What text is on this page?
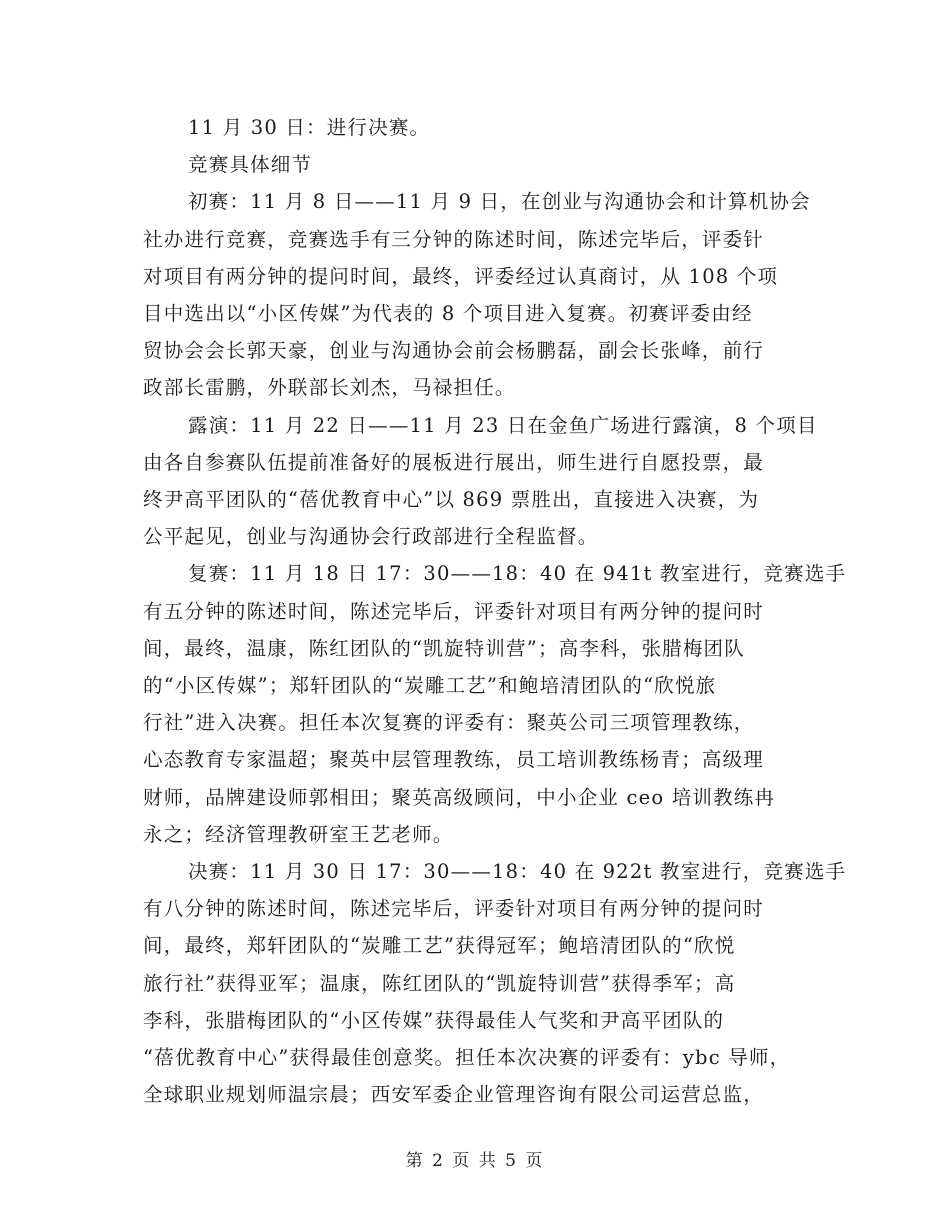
11 月 30 日：进行决赛。

竞赛具体细节

初赛：11 月 8 日——11 月 9 日，在创业与沟通协会和计算机协会
社办进行竞赛，竞赛选手有三分钟的陈述时间，陈述完毕后，评委针
对项目有两分钟的提问时间，最终，评委经过认真商讨，从 108 个项
目中选出以“小区传媒”为代表的 8 个项目进入复赛。初赛评委由经
贸协会会长郭天豪，创业与沟通协会前会杨鹏磊，副会长张峰，前行
政部长雷鹏，外联部长刘杰，马禄担任。

露演：11 月 22 日——11 月 23 日在金鱼广场进行露演，8 个项目
由各自参赛队伍提前准备好的展板进行展出，师生进行自愿投票，最
终尹高平团队的“蓓优教育中心”以 869 票胜出，直接进入决赛，为
公平起见，创业与沟通协会行政部进行全程监督。

复赛：11 月 18 日 17：30——18：40 在 941t 教室进行，竞赛选手
有五分钟的陈述时间，陈述完毕后，评委针对项目有两分钟的提问时
间，最终，温康，陈红团队的“凯旋特训营”；高李科，张腊梅团队
的“小区传媒”；郑轩团队的“炭雕工艺”和鲍培清团队的“欣悦旅
行社”进入决赛。担任本次复赛的评委有：聚英公司三项管理教练，
心态教育专家温超；聚英中层管理教练，员工培训教练杨青；高级理
财师，品牌建设师郭相田；聚英高级顾问，中小企业 ceo 培训教练冉
永之；经济管理教研室王艺老师。

决赛：11 月 30 日 17：30——18：40 在 922t 教室进行，竞赛选手
有八分钟的陈述时间，陈述完毕后，评委针对项目有两分钟的提问时
间，最终，郑轩团队的“炭雕工艺”获得冠军；鲍培清团队的“欣悦
旅行社”获得亚军；温康，陈红团队的“凯旋特训营”获得季军；高
李科，张腊梅团队的“小区传媒”获得最佳人气奖和尹高平团队的
“蓓优教育中心”获得最佳创意奖。担任本次决赛的评委有：ybc 导师，
全球职业规划师温宗晨；西安军委企业管理咨询有限公司运营总监，

第 2 页 共 5 页
